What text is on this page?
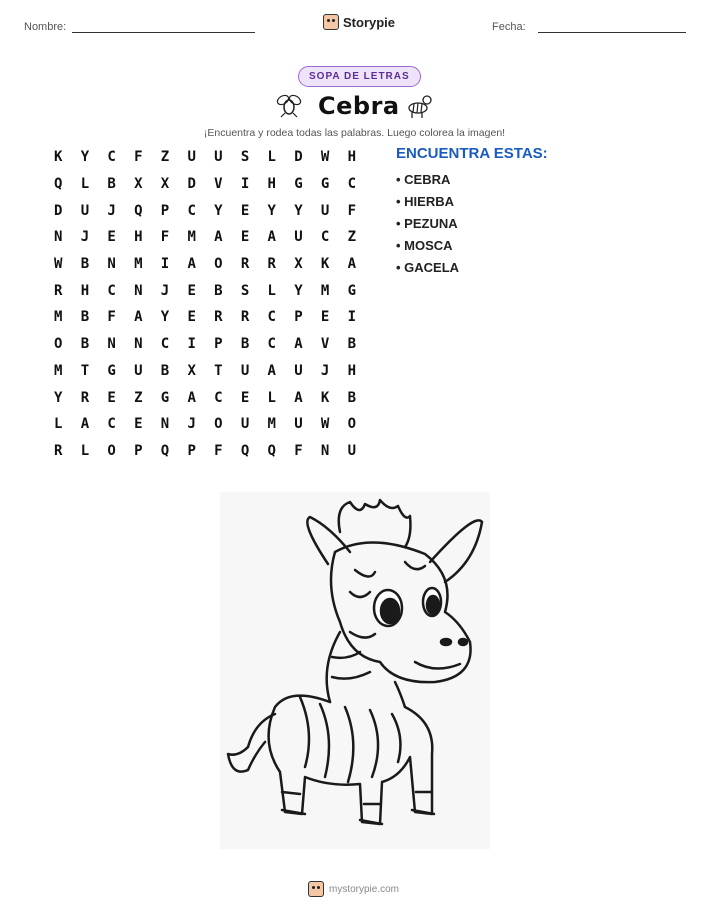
Nombre:	Storypie	Fecha:
SOPA DE LETRAS
Cebra
¡Encuentra y rodea todas las palabras. Luego colorea la imagen!
K	Y	C	F	Z	U	U	S	L	D	W	H
Q	L	B	X	X	D	V	I	H	G	G	C
D	U	J	Q	P	C	Y	E	Y	Y	U	F
N	J	E	H	F	M	A	E	A	U	C	Z
W	B	N	M	I	A	O	R	R	X	K	A
R	H	C	N	J	E	B	S	L	Y	M	G
M	B	F	A	Y	E	R	R	C	P	E	I
O	B	N	N	C	I	P	B	C	A	V	B
M	T	G	U	B	X	T	U	A	U	J	H
Y	R	E	Z	G	A	C	E	L	A	K	B
L	A	C	E	N	J	O	U	M	U	W	O
R	L	O	P	Q	P	F	Q	Q	F	N	U
ENCUENTRA ESTAS:
• CEBRA
• HIERBA
• PEZUNA
• MOSCA
• GACELA
mystorypie.com
